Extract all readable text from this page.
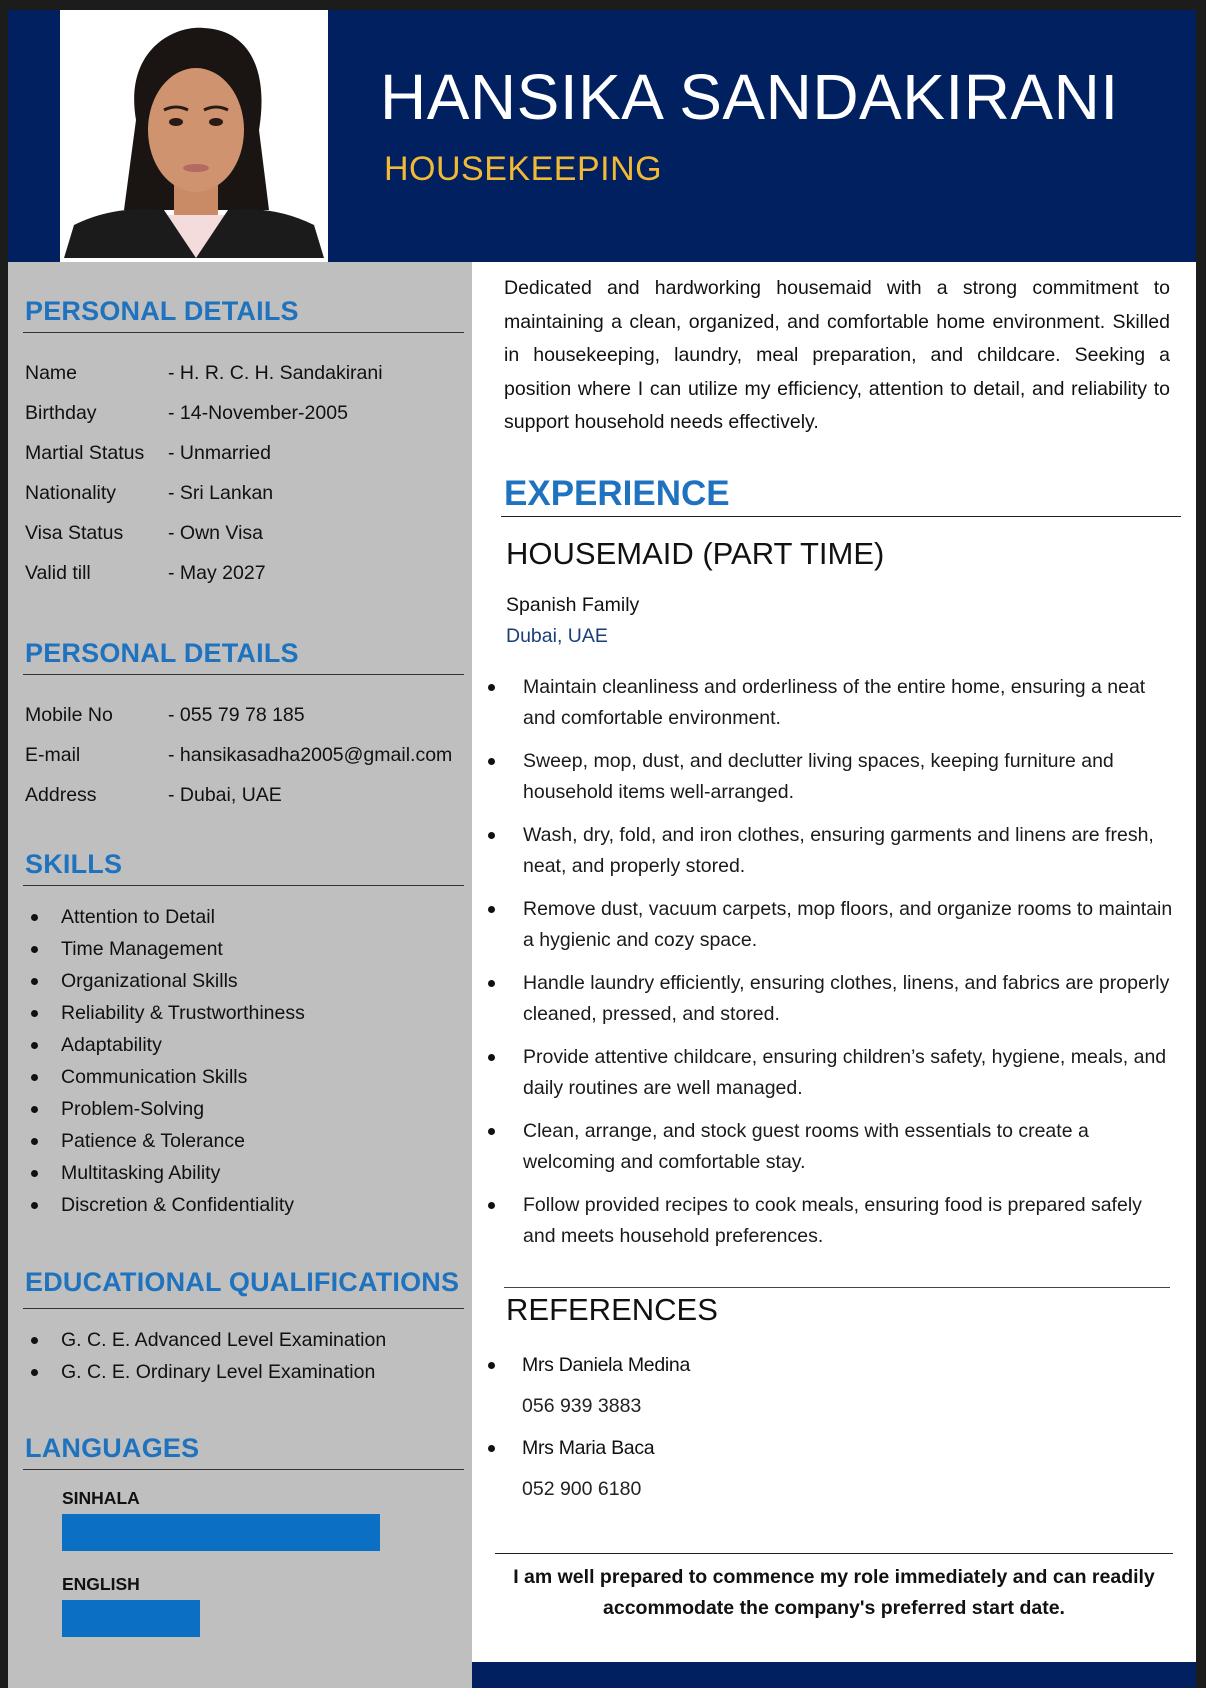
HANSIKA SANDAKIRANI
HOUSEKEEPING
PERSONAL DETAILS
Name	- H. R. C. H. Sandakirani
Birthday	- 14-November-2005
Martial Status - Unmarried
Nationality	- Sri Lankan
Visa Status - Own Visa
Valid till	- May 2027
PERSONAL DETAILS
Mobile No	- 055 79 78 185
E-mail	- hansikasadha2005@gmail.com
Address	- Dubai, UAE
SKILLS
Attention to Detail
Time Management
Organizational Skills
Reliability & Trustworthiness
Adaptability
Communication Skills
Problem-Solving
Patience & Tolerance
Multitasking Ability
Discretion & Confidentiality
EDUCATIONAL QUALIFICATIONS
G. C. E. Advanced Level Examination
G. C. E. Ordinary Level Examination
LANGUAGES
SINHALA
ENGLISH

Dedicated and hardworking housemaid with a strong commitment to maintaining a clean, organized, and comfortable home environment. Skilled in housekeeping, laundry, meal preparation, and childcare. Seeking a position where I can utilize my efficiency, attention to detail, and reliability to support household needs effectively.

EXPERIENCE
HOUSEMAID (PART TIME)
Spanish Family
Dubai, UAE
Maintain cleanliness and orderliness of the entire home, ensuring a neat and comfortable environment.
Sweep, mop, dust, and declutter living spaces, keeping furniture and household items well-arranged.
Wash, dry, fold, and iron clothes, ensuring garments and linens are fresh, neat, and properly stored.
Remove dust, vacuum carpets, mop floors, and organize rooms to maintain a hygienic and cozy space.
Handle laundry efficiently, ensuring clothes, linens, and fabrics are properly cleaned, pressed, and stored.
Provide attentive childcare, ensuring children’s safety, hygiene, meals, and daily routines are well managed.
Clean, arrange, and stock guest rooms with essentials to create a welcoming and comfortable stay.
Follow provided recipes to cook meals, ensuring food is prepared safely and meets household preferences.
REFERENCES
Mrs Daniela Medina
056 939 3883
Mrs Maria Baca
052 900 6180

I am well prepared to commence my role immediately and can readily accommodate the company's preferred start date.
